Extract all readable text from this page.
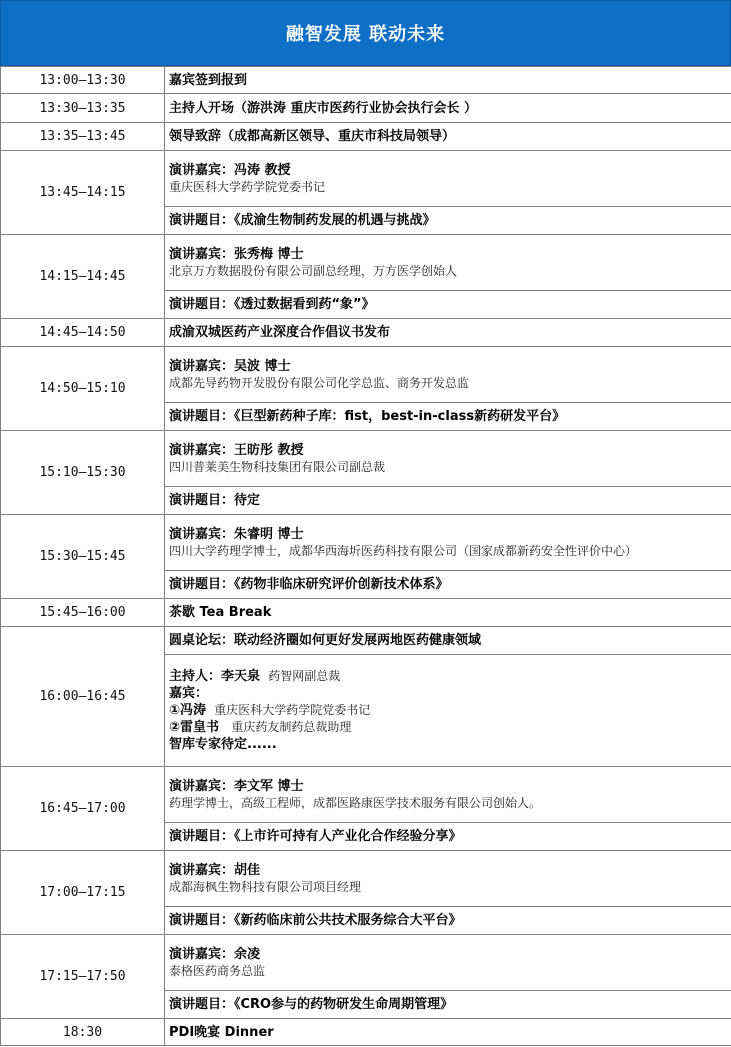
融智发展 联动未来
13:00—13:30	嘉宾签到报到
13:30—13:35	主持人开场（游洪涛 重庆市医药行业协会执行会长 ）
13:35—13:45	领导致辞（成都高新区领导、重庆市科技局领导）
13:45—14:15	演讲嘉宾：冯涛 教授
重庆医科大学药学院党委书记

	演讲题目：《成渝生物制药发展的机遇与挑战》
14:15—14:45	演讲嘉宾：张秀梅 博士
北京万方数据股份有限公司副总经理，万方医学创始人

	演讲题目：《透过数据看到药“象”》
14:45—14:50	成渝双城医药产业深度合作倡议书发布
14:50—15:10	演讲嘉宾：吴波 博士
成都先导药物开发股份有限公司化学总监、商务开发总监

	演讲题目：《巨型新药种子库：fist，best-in-class新药研发平台》
15:10—15:30	演讲嘉宾：王昉彤 教授
四川普莱美生物科技集团有限公司副总裁

	演讲题目：待定
15:30—15:45	演讲嘉宾：朱睿明 博士
四川大学药理学博士，成都华西海圻医药科技有限公司（国家成都新药安全性评价中心）

	演讲题目：《药物非临床研究评价创新技术体系》
15:45—16:00	茶歇 Tea Break
16:00—16:45	圆桌论坛：联动经济圈如何更好发展两地医药健康领域

	主持人：李天泉 药智网副总裁
嘉宾：
①冯涛 重庆医科大学药学院党委书记
②雷皇书 重庆药友制药总裁助理
智库专家待定......

16:45—17:00	演讲嘉宾：李文军 博士
药理学博士，高级工程师，成都医路康医学技术服务有限公司创始人。

	演讲题目：《上市许可持有人产业化合作经验分享》
17:00—17:15	演讲嘉宾：胡佳
成都海枫生物科技有限公司项目经理

	演讲题目：《新药临床前公共技术服务综合大平台》
17:15—17:50	演讲嘉宾：余凌
泰格医药商务总监

	演讲题目：《CRO参与的药物研发生命周期管理》
18:30	PDI晚宴 Dinner
